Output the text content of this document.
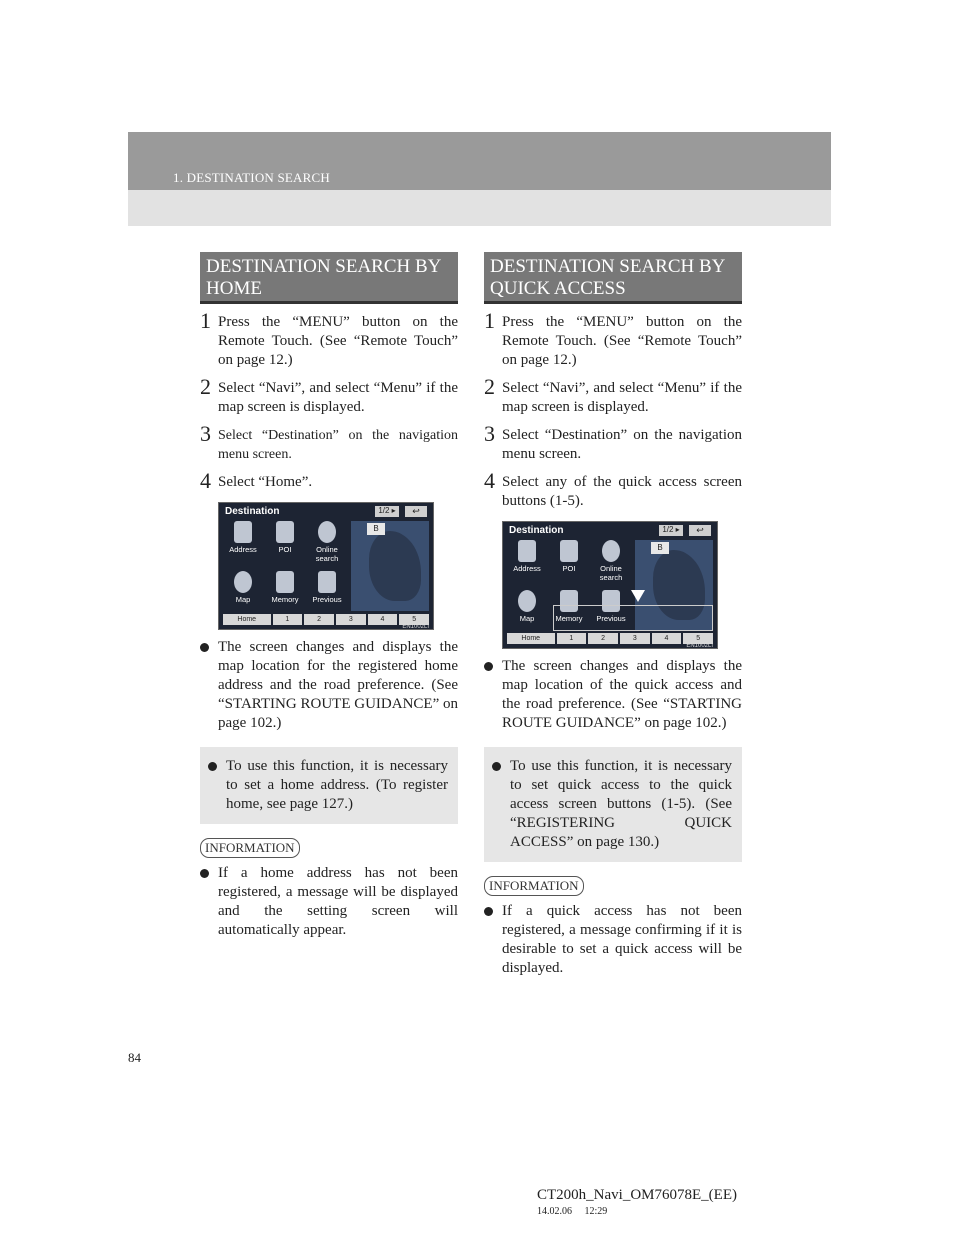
1. DESTINATION SEARCH
DESTINATION SEARCH BY HOME
1 Press the “MENU” button on the Remote Touch. (See “Remote Touch” on page 12.)
2 Select “Navi”, and select “Menu” if the map screen is displayed.
3 Select “Destination” on the navigation menu screen.
4 Select “Home”.
Destination	1/2 ▸	↩
B
Address	POI	Online search
Map	Memory	Previous
Home	1	2	3	4	5
EN1002LI
The screen changes and displays the map location for the registered home address and the road preference. (See “STARTING ROUTE GUIDANCE” on page 102.)
To use this function, it is necessary to set a home address. (To register home, see page 127.)
INFORMATION
If a home address has not been registered, a message will be displayed and the setting screen will automatically appear.
DESTINATION SEARCH BY QUICK ACCESS
1 Press the “MENU” button on the Remote Touch. (See “Remote Touch” on page 12.)
2 Select “Navi”, and select “Menu” if the map screen is displayed.
3 Select “Destination” on the navigation menu screen.
4 Select any of the quick access screen buttons (1-5).
Destination	1/2 ▸	↩
B
Address	POI	Online search
Map	Memory	Previous
Home	1	2	3	4	5
EN1002LI
The screen changes and displays the map location of the quick access and the road preference. (See “STARTING ROUTE GUIDANCE” on page 102.)
To use this function, it is necessary to set quick access to the quick access screen buttons (1-5). (See “REGISTERING QUICK ACCESS” on page 130.)
INFORMATION
If a quick access has not been registered, a message confirming if it is desirable to set a quick access will be displayed.
84
CT200h_Navi_OM76078E_(EE)
14.02.06     12:29
